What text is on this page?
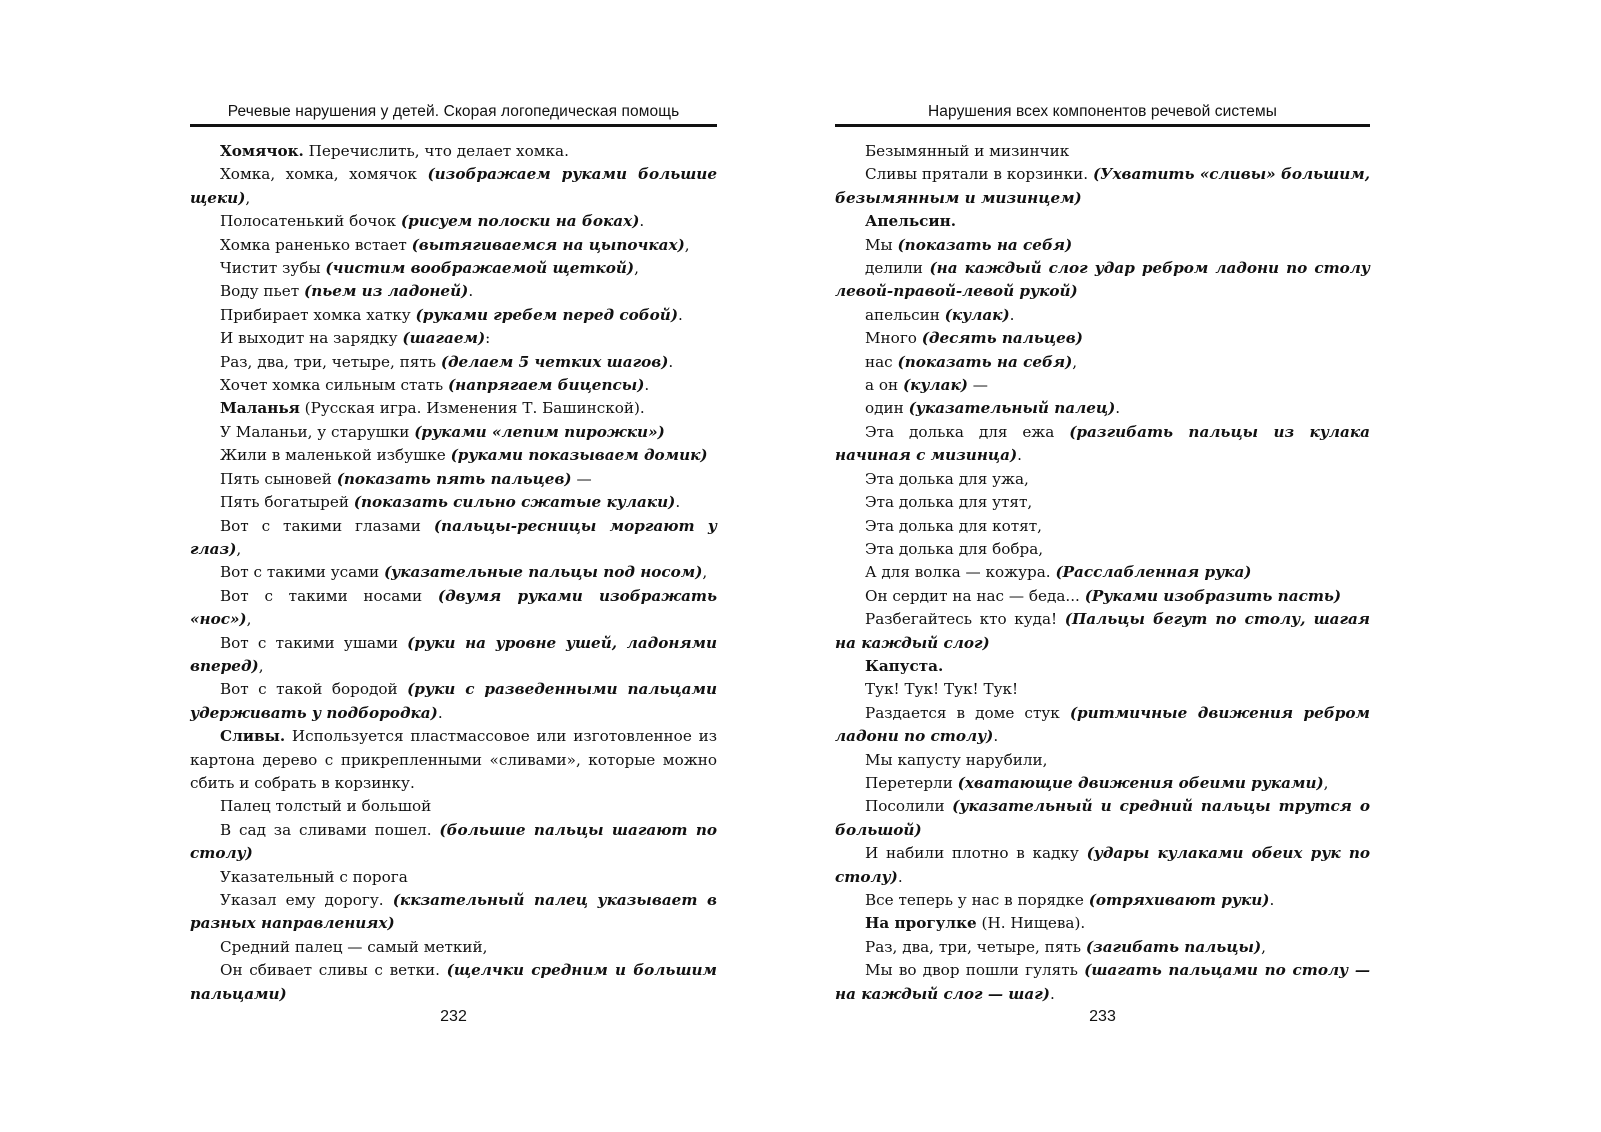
Речевые нарушения у детей. Скорая логопедическая помощь

Хомячок. Перечислить, что делает хомка.

Хомка, хомка, хомячок (изображаем руками большие щеки),

Полосатенький бочок (рисуем полоски на боках).

Хомка раненько встает (вытягиваемся на цыпочках),

Чистит зубы (чистим воображаемой щеткой),

Воду пьет (пьем из ладоней).

Прибирает хомка хатку (руками гребем перед собой).

И выходит на зарядку (шагаем):

Раз, два, три, четыре, пять (делаем 5 четких шагов).

Хочет хомка сильным стать (напрягаем бицепсы).

Маланья (Русская игра. Изменения Т. Башинской).

У Маланьи, у старушки (руками «лепим пирожки»)

Жили в маленькой избушке (руками показываем домик)

Пять сыновей (показать пять пальцев) —

Пять богатырей (показать сильно сжатые кулаки).

Вот с такими глазами (пальцы-ресницы моргают у глаз),

Вот с такими усами (указательные пальцы под носом),

Вот с такими носами (двумя руками изображать «нос»),

Вот с такими ушами (руки на уровне ушей, ладонями вперед),

Вот с такой бородой (руки с разведенными пальцами удерживать у подбородка).

Сливы. Используется пластмассовое или изготовленное из картона дерево с прикрепленными «сливами», которые можно сбить и собрать в корзинку.

Палец толстый и большой

В сад за сливами пошел. (большие пальцы шагают по столу)

Указательный с порога

Указал ему дорогу. (ккзательный палец указывает в разных направлениях)

Средний палец — самый меткий,

Он сбивает сливы с ветки. (щелчки средним и большим пальцами)

232
Нарушения всех компонентов речевой системы

Безымянный и мизинчик

Сливы прятали в корзинки. (Ухватить «сливы» большим, безымянным и мизинцем)

Апельсин.

Мы (показать на себя)

делили (на каждый слог удар ребром ладони по столу левой-правой-левой рукой)

апельсин (кулак).

Много (десять пальцев)

нас (показать на себя),

а он (кулак) —

один (указательный палец).

Эта долька для ежа (разгибать пальцы из кулака начиная с мизинца).

Эта долька для ужа,

Эта долька для утят,

Эта долька для котят,

Эта долька для бобра,

А для волка — кожура. (Расслабленная рука)

Он сердит на нас — беда... (Руками изобразить пасть)

Разбегайтесь кто куда! (Пальцы бегут по столу, шагая на каждый слог)

Капуста.

Тук! Тук! Тук! Тук!

Раздается в доме стук (ритмичные движения ребром ладони по столу).

Мы капусту нарубили,

Перетерли (хватающие движения обеими руками),

Посолили (указательный и средний пальцы трутся о большой)

И набили плотно в кадку (удары кулаками обеих рук по столу).

Все теперь у нас в порядке (отряхивают руки).

На прогулке (Н. Нищева).

Раз, два, три, четыре, пять (загибать пальцы),

Мы во двор пошли гулять (шагать пальцами по столу — на каждый слог — шаг).

233
